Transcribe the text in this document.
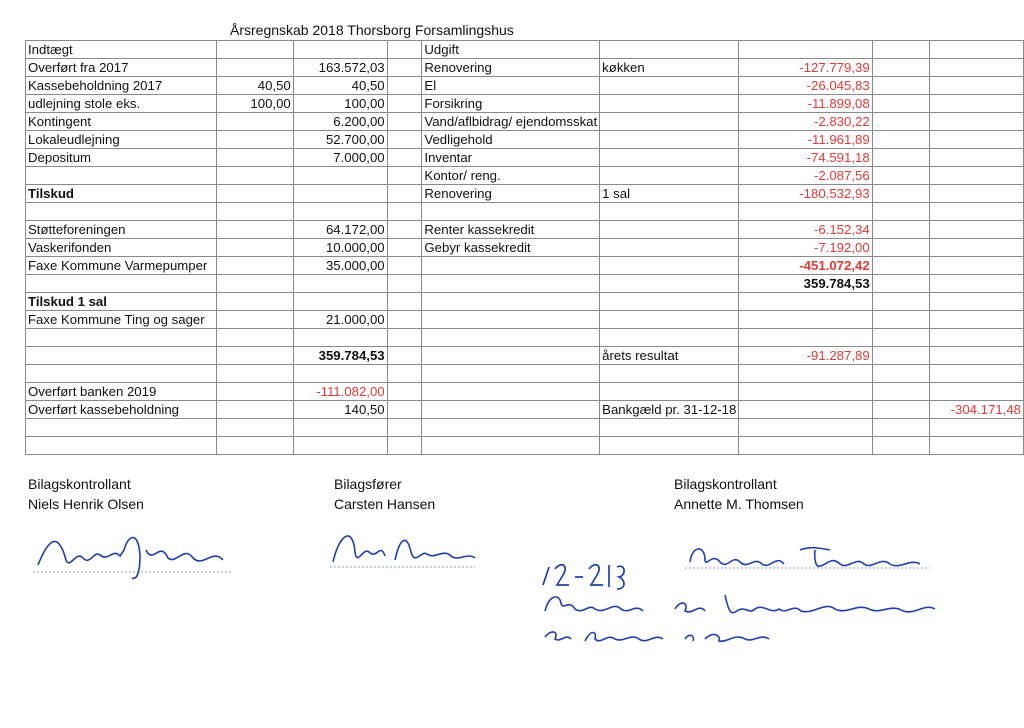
Årsregnskab 2018 Thorsborg Forsamlingshus
Indtægt				Udgift				
Overført fra 2017		163.572,03		Renovering	køkken	-127.779,39		
Kassebeholdning 2017	40,50	40,50		El		-26.045,83		
udlejning stole eks.	100,00	100,00		Forsikring		-11.899,08		
Kontingent		6.200,00		Vand/aflbidrag/ ejendomsskat		-2.830,22		
Lokaleudlejning		52.700,00		Vedligehold		-11.961,89		
Depositum		7.000,00		Inventar		-74.591,18		
				Kontor/ reng.		-2.087,56		
Tilskud				Renovering	1 sal	-180.532,93		

Støtteforeningen		64.172,00		Renter kassekredit		-6.152,34		
Vaskerifonden		10.000,00		Gebyr kassekredit		-7.192,00		
Faxe Kommune Varmepumper		35.000,00				-451.072,42		
						359.784,53		
Tilskud 1 sal								
Faxe Kommune Ting og sager		21.000,00						

		359.784,53			årets resultat	-91.287,89		

Overført banken 2019		-111.082,00						
Overført kassebeholdning		140,50			Bankgæld pr. 31-12-18			-304.171,48

Bilagskontrollant
Niels Henrik Olsen
Bilagsfører
Carsten Hansen
Bilagskontrollant
Annette M. Thomsen
